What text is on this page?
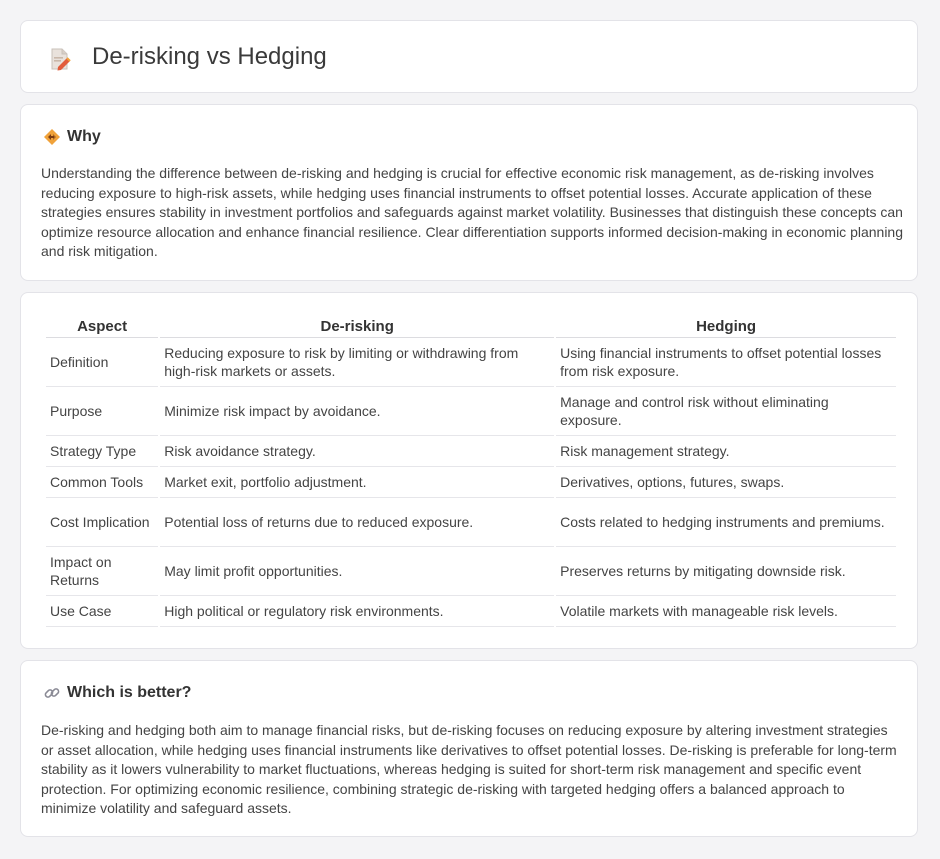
De-risking vs Hedging
Why

Understanding the difference between de-risking and hedging is crucial for effective economic risk management, as de-risking involves reducing exposure to high-risk assets, while hedging uses financial instruments to offset potential losses. Accurate application of these strategies ensures stability in investment portfolios and safeguards against market volatility. Businesses that distinguish these concepts can optimize resource allocation and enhance financial resilience. Clear differentiation supports informed decision-making in economic planning and risk mitigation.

Aspect	De-risking	Hedging
Definition	Reducing exposure to risk by limiting or withdrawing from high-risk markets or assets.	Using financial instruments to offset potential losses from risk exposure.
Purpose	Minimize risk impact by avoidance.	Manage and control risk without eliminating exposure.
Strategy Type	Risk avoidance strategy.	Risk management strategy.
Common Tools	Market exit, portfolio adjustment.	Derivatives, options, futures, swaps.
Cost Implication	Potential loss of returns due to reduced exposure.	Costs related to hedging instruments and premiums.
Impact on Returns	May limit profit opportunities.	Preserves returns by mitigating downside risk.
Use Case	High political or regulatory risk environments.	Volatile markets with manageable risk levels.
Which is better?

De-risking and hedging both aim to manage financial risks, but de-risking focuses on reducing exposure by altering investment strategies or asset allocation, while hedging uses financial instruments like derivatives to offset potential losses. De-risking is preferable for long-term stability as it lowers vulnerability to market fluctuations, whereas hedging is suited for short-term risk management and specific event protection. For optimizing economic resilience, combining strategic de-risking with targeted hedging offers a balanced approach to minimize volatility and safeguard assets.
